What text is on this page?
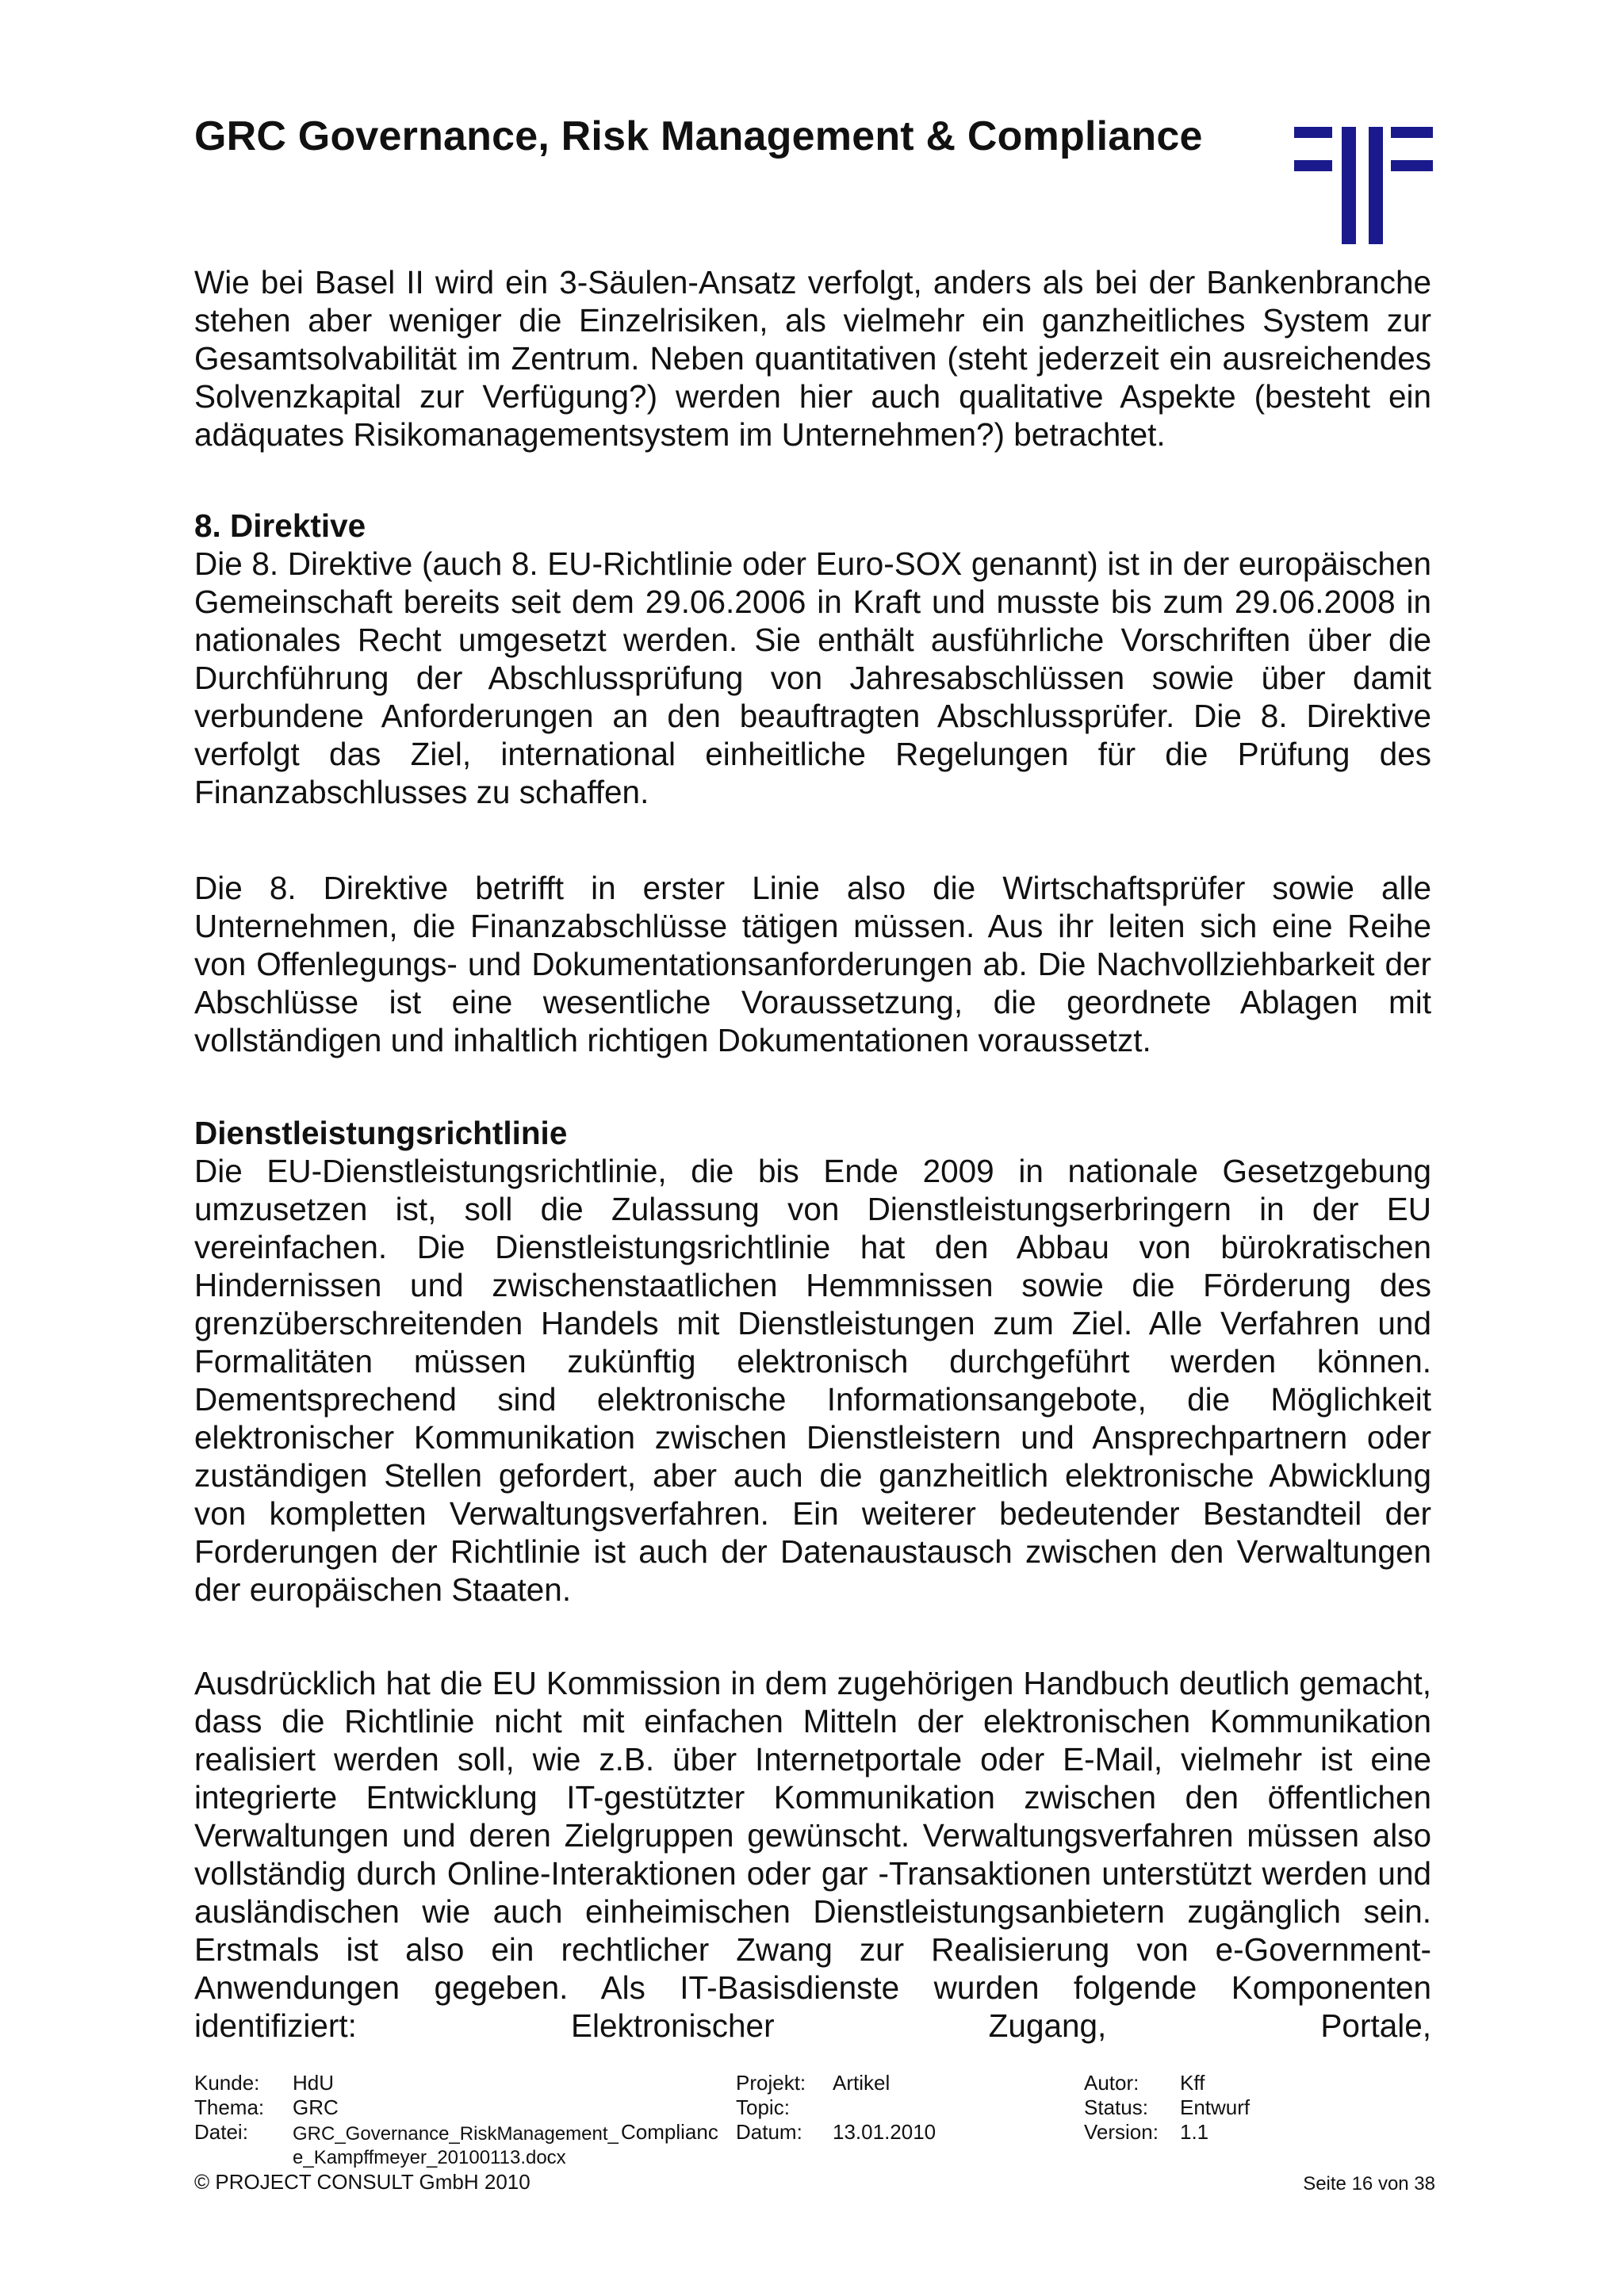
GRC Governance, Risk Management & Compliance

Wie bei Basel II wird ein 3-Säulen-Ansatz verfolgt, anders als bei der Bankenbranche stehen aber weniger die Einzelrisiken, als vielmehr ein ganzheitliches System zur Gesamtsolvabilität im Zentrum. Neben quantitativen (steht jederzeit ein ausreichendes Solvenzkapital zur Verfügung?) werden hier auch qualitative Aspekte (besteht ein adäquates Risikomanagementsystem im Unternehmen?) betrachtet.

8. Direktive

Die 8. Direktive (auch 8. EU-Richtlinie oder Euro-SOX genannt) ist in der europäischen Gemeinschaft bereits seit dem 29.06.2006 in Kraft und musste bis zum 29.06.2008 in nationales Recht umgesetzt werden. Sie enthält ausführliche Vorschriften über die Durchführung der Abschlussprüfung von Jahresabschlüssen sowie über damit verbundene Anforderungen an den beauftragten Abschlussprüfer. Die 8. Direktive verfolgt das Ziel, international einheitliche Regelungen für die Prüfung des Finanzabschlusses zu schaffen.

Die 8. Direktive betrifft in erster Linie also die Wirtschaftsprüfer sowie alle Unternehmen, die Finanzabschlüsse tätigen müssen. Aus ihr leiten sich eine Reihe von Offenlegungs- und Dokumentationsanforderungen ab. Die Nachvollziehbarkeit der Abschlüsse ist eine wesentliche Voraussetzung, die geordnete Ablagen mit vollständigen und inhaltlich richtigen Dokumentationen voraussetzt.

Dienstleistungsrichtlinie

Die EU-Dienstleistungsrichtlinie, die bis Ende 2009 in nationale Gesetzgebung umzusetzen ist, soll die Zulassung von Dienstleistungserbringern in der EU vereinfachen. Die Dienstleistungsrichtlinie hat den Abbau von bürokratischen Hindernissen und zwischenstaatlichen Hemmnissen sowie die Förderung des grenzüberschreitenden Handels mit Dienstleistungen zum Ziel. Alle Verfahren und Formalitäten müssen zukünftig elektronisch durchgeführt werden können. Dementsprechend sind elektronische Informationsangebote, die Möglichkeit elektronischer Kommunikation zwischen Dienstleistern und Ansprechpartnern oder zuständigen Stellen gefordert, aber auch die ganzheitlich elektronische Abwicklung von kompletten Verwaltungsverfahren. Ein weiterer bedeutender Bestandteil der Forderungen der Richtlinie ist auch der Datenaustausch zwischen den Verwaltungen der europäischen Staaten.

Ausdrücklich hat die EU Kommission in dem zugehörigen Handbuch deutlich gemacht, dass die Richtlinie nicht mit einfachen Mitteln der elektronischen Kommunikation realisiert werden soll, wie z.B. über Internetportale oder E-Mail, vielmehr ist eine integrierte Entwicklung IT-gestützter Kommunikation zwischen den öffentlichen Verwaltungen und deren Zielgruppen gewünscht. Verwaltungsverfahren müssen also vollständig durch Online-Interaktionen oder gar -Transaktionen unterstützt werden und ausländischen wie auch einheimischen Dienstleistungsanbietern zugänglich sein. Erstmals ist also ein rechtlicher Zwang zur Realisierung von e-Government-Anwendungen gegeben. Als IT-Basisdienste wurden folgende Komponenten identifiziert: Elektronischer Zugang, Portale,

Kunde: HdU
Thema: GRC
Datei: GRC_Governance_RiskManagement_ Complianc
e_Kampffmeyer_20100113.docx
Projekt: Artikel
Topic:
Datum: 13.01.2010
Autor: Kff
Status: Entwurf
Version: 1.1
© PROJECT CONSULT GmbH 2010	Seite 16 von 38
